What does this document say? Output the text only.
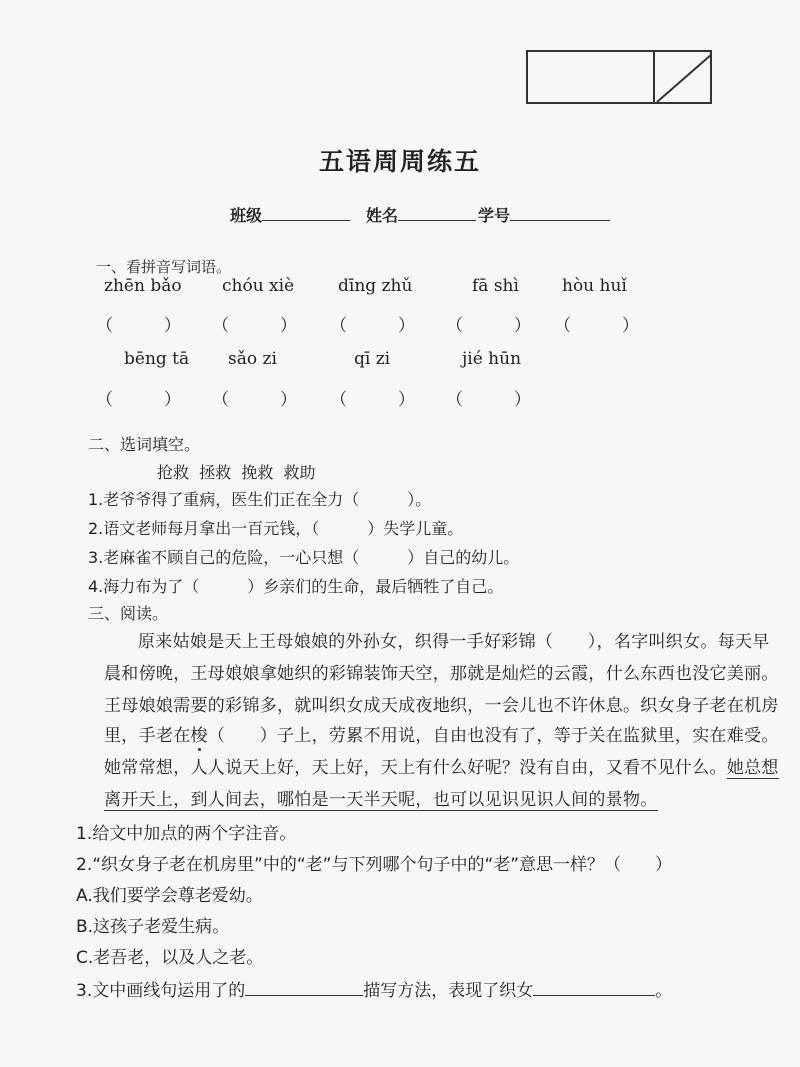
五语周周练五
班级	姓名	学号
一、看拼音写词语。
zhēn bǎo chóu xiè	dīng zhǔ	fā shì	hòu huǐ
（　　　） （　　　） （　　　） （　　　） （　　　）
bēng tā sǎo zi	qī zi	jié hūn
（　　　） （　　　） （　　　） （　　　）
二、选词填空。
抢救  拯救  挽救  救助
1.老爷爷得了重病，医生们正在全力（　　　）。
2.语文老师每月拿出一百元钱，（　　　）失学儿童。
3.老麻雀不顾自己的危险，一心只想（　　　）自己的幼儿。
4.海力布为了（　　　）乡亲们的生命，最后牺牲了自己。
三、阅读。
原来姑娘是天上王母娘娘的外孙女，织得一手好彩锦（　　），名字叫织女。每天早
晨和傍晚，王母娘娘拿她织的彩锦装饰天空，那就是灿烂的云霞，什么东西也没它美丽。
王母娘娘需要的彩锦多，就叫织女成天成夜地织，一会儿也不许休息。织女身子老在机房
里，手老在梭（　　）子上，劳累不用说，自由也没有了，等于关在监狱里，实在难受。
她常常想，人人说天上好，天上好，天上有什么好呢？没有自由，又看不见什么。她总想
离开天上，到人间去，哪怕是一天半天呢，也可以见识见识人间的景物。
1.给文中加点的两个字注音。
2.“织女身子老在机房里”中的“老”与下列哪个句子中的“老”意思一样？（　　）
A.我们要学会尊老爱幼。
B.这孩子老爱生病。
C.老吾老，以及人之老。
3.文中画线句运用了的	描写方法，表现了织女	。
